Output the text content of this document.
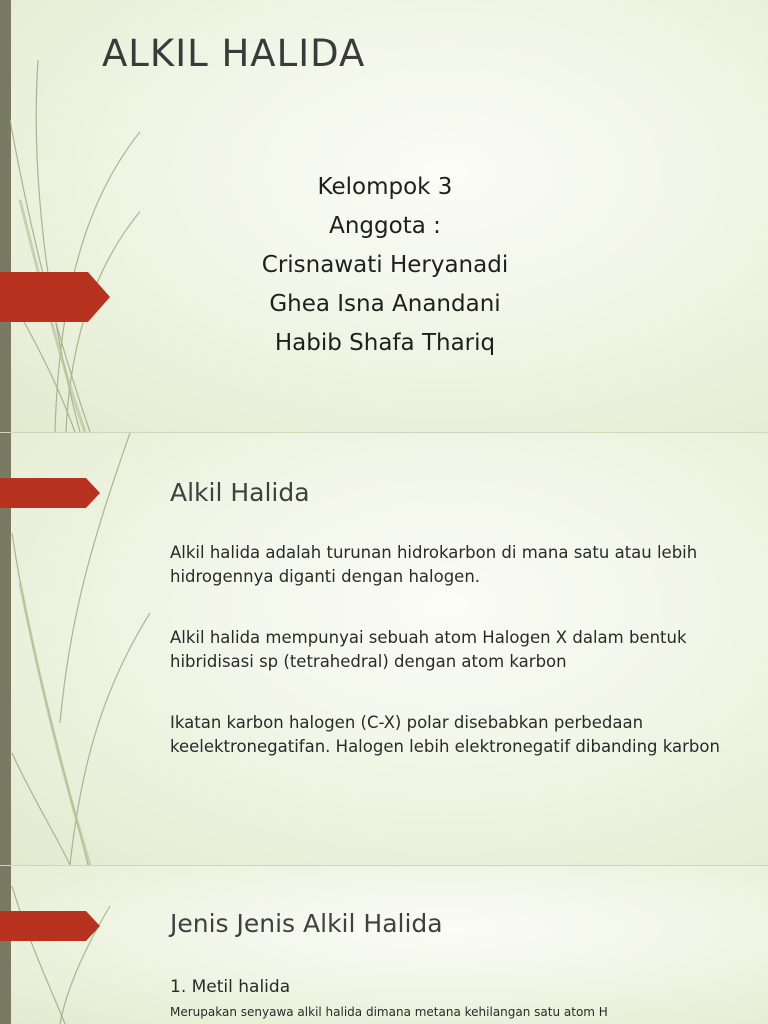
ALKIL HALIDA
Kelompok 3
Anggota :
Crisnawati Heryanadi
Ghea Isna Anandani
Habib Shafa Thariq
Alkil Halida

Alkil halida adalah turunan hidrokarbon di mana satu atau lebih hidrogennya diganti dengan halogen.

Alkil halida mempunyai sebuah atom Halogen X dalam bentuk hibridisasi sp (tetrahedral) dengan atom karbon

Ikatan karbon halogen (C-X) polar disebabkan perbedaan keelektronegatifan. Halogen lebih elektronegatif dibanding karbon

Jenis Jenis Alkil Halida

1. Metil halida

Merupakan senyawa alkil halida dimana metana kehilangan satu atom H
